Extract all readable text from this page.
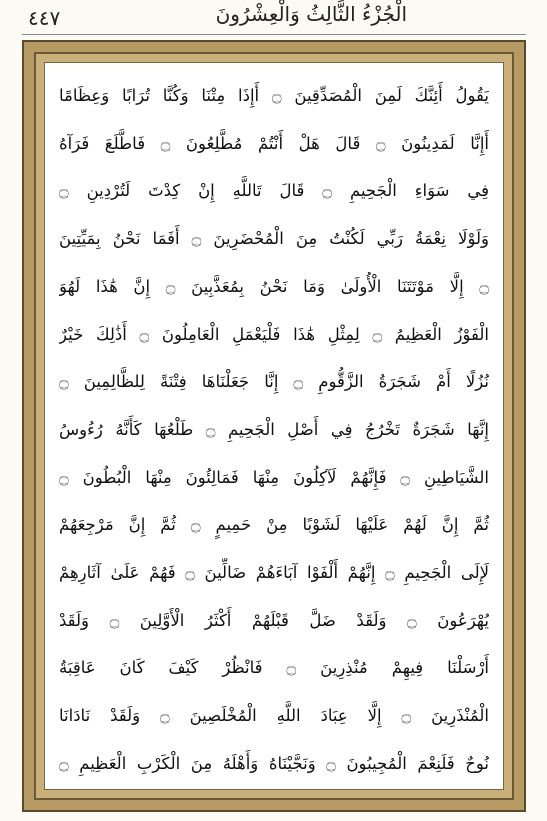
٤٤٧	الْجُزْءُ الثَّالِثُ وَالْعِشْرُونَ
يَقُولُ أَئِنَّكَ لَمِنَ الْمُصَدِّقِينَ ۝ أَإِذَا مِتْنَا وَكُنَّا تُرَابًا وَعِظَامًا
أَإِنَّا لَمَدِينُونَ ۝ قَالَ هَلْ أَنْتُمْ مُطَّلِعُونَ ۝ فَاطَّلَعَ فَرَآهُ
فِي سَوَاءِ الْجَحِيمِ ۝ قَالَ تَاللَّهِ إِنْ كِدْتَ لَتُرْدِينِ ۝
وَلَوْلَا نِعْمَةُ رَبِّي لَكُنْتُ مِنَ الْمُحْضَرِينَ ۝ أَفَمَا نَحْنُ بِمَيِّتِينَ
۝ إِلَّا مَوْتَتَنَا الْأُولَىٰ وَمَا نَحْنُ بِمُعَذَّبِينَ ۝ إِنَّ هَٰذَا لَهُوَ
الْفَوْزُ الْعَظِيمُ ۝ لِمِثْلِ هَٰذَا فَلْيَعْمَلِ الْعَامِلُونَ ۝ أَذَٰلِكَ خَيْرٌ
نُزُلًا أَمْ شَجَرَةُ الزَّقُّومِ ۝ إِنَّا جَعَلْنَاهَا فِتْنَةً لِلظَّالِمِينَ ۝
إِنَّهَا شَجَرَةٌ تَخْرُجُ فِي أَصْلِ الْجَحِيمِ ۝ طَلْعُهَا كَأَنَّهُ رُءُوسُ
الشَّيَاطِينِ ۝ فَإِنَّهُمْ لَآكِلُونَ مِنْهَا فَمَالِئُونَ مِنْهَا الْبُطُونَ ۝
ثُمَّ إِنَّ لَهُمْ عَلَيْهَا لَشَوْبًا مِنْ حَمِيمٍ ۝ ثُمَّ إِنَّ مَرْجِعَهُمْ
لَإِلَى الْجَحِيمِ ۝ إِنَّهُمْ أَلْفَوْا آبَاءَهُمْ ضَالِّينَ ۝ فَهُمْ عَلَىٰ آثَارِهِمْ
يُهْرَعُونَ ۝ وَلَقَدْ ضَلَّ قَبْلَهُمْ أَكْثَرُ الْأَوَّلِينَ ۝ وَلَقَدْ
أَرْسَلْنَا فِيهِمْ مُنْذِرِينَ ۝ فَانْظُرْ كَيْفَ كَانَ عَاقِبَةُ
الْمُنْذَرِينَ ۝ إِلَّا عِبَادَ اللَّهِ الْمُخْلَصِينَ ۝ وَلَقَدْ نَادَانَا
نُوحٌ فَلَنِعْمَ الْمُجِيبُونَ ۝ وَنَجَّيْنَاهُ وَأَهْلَهُ مِنَ الْكَرْبِ الْعَظِيمِ ۝
